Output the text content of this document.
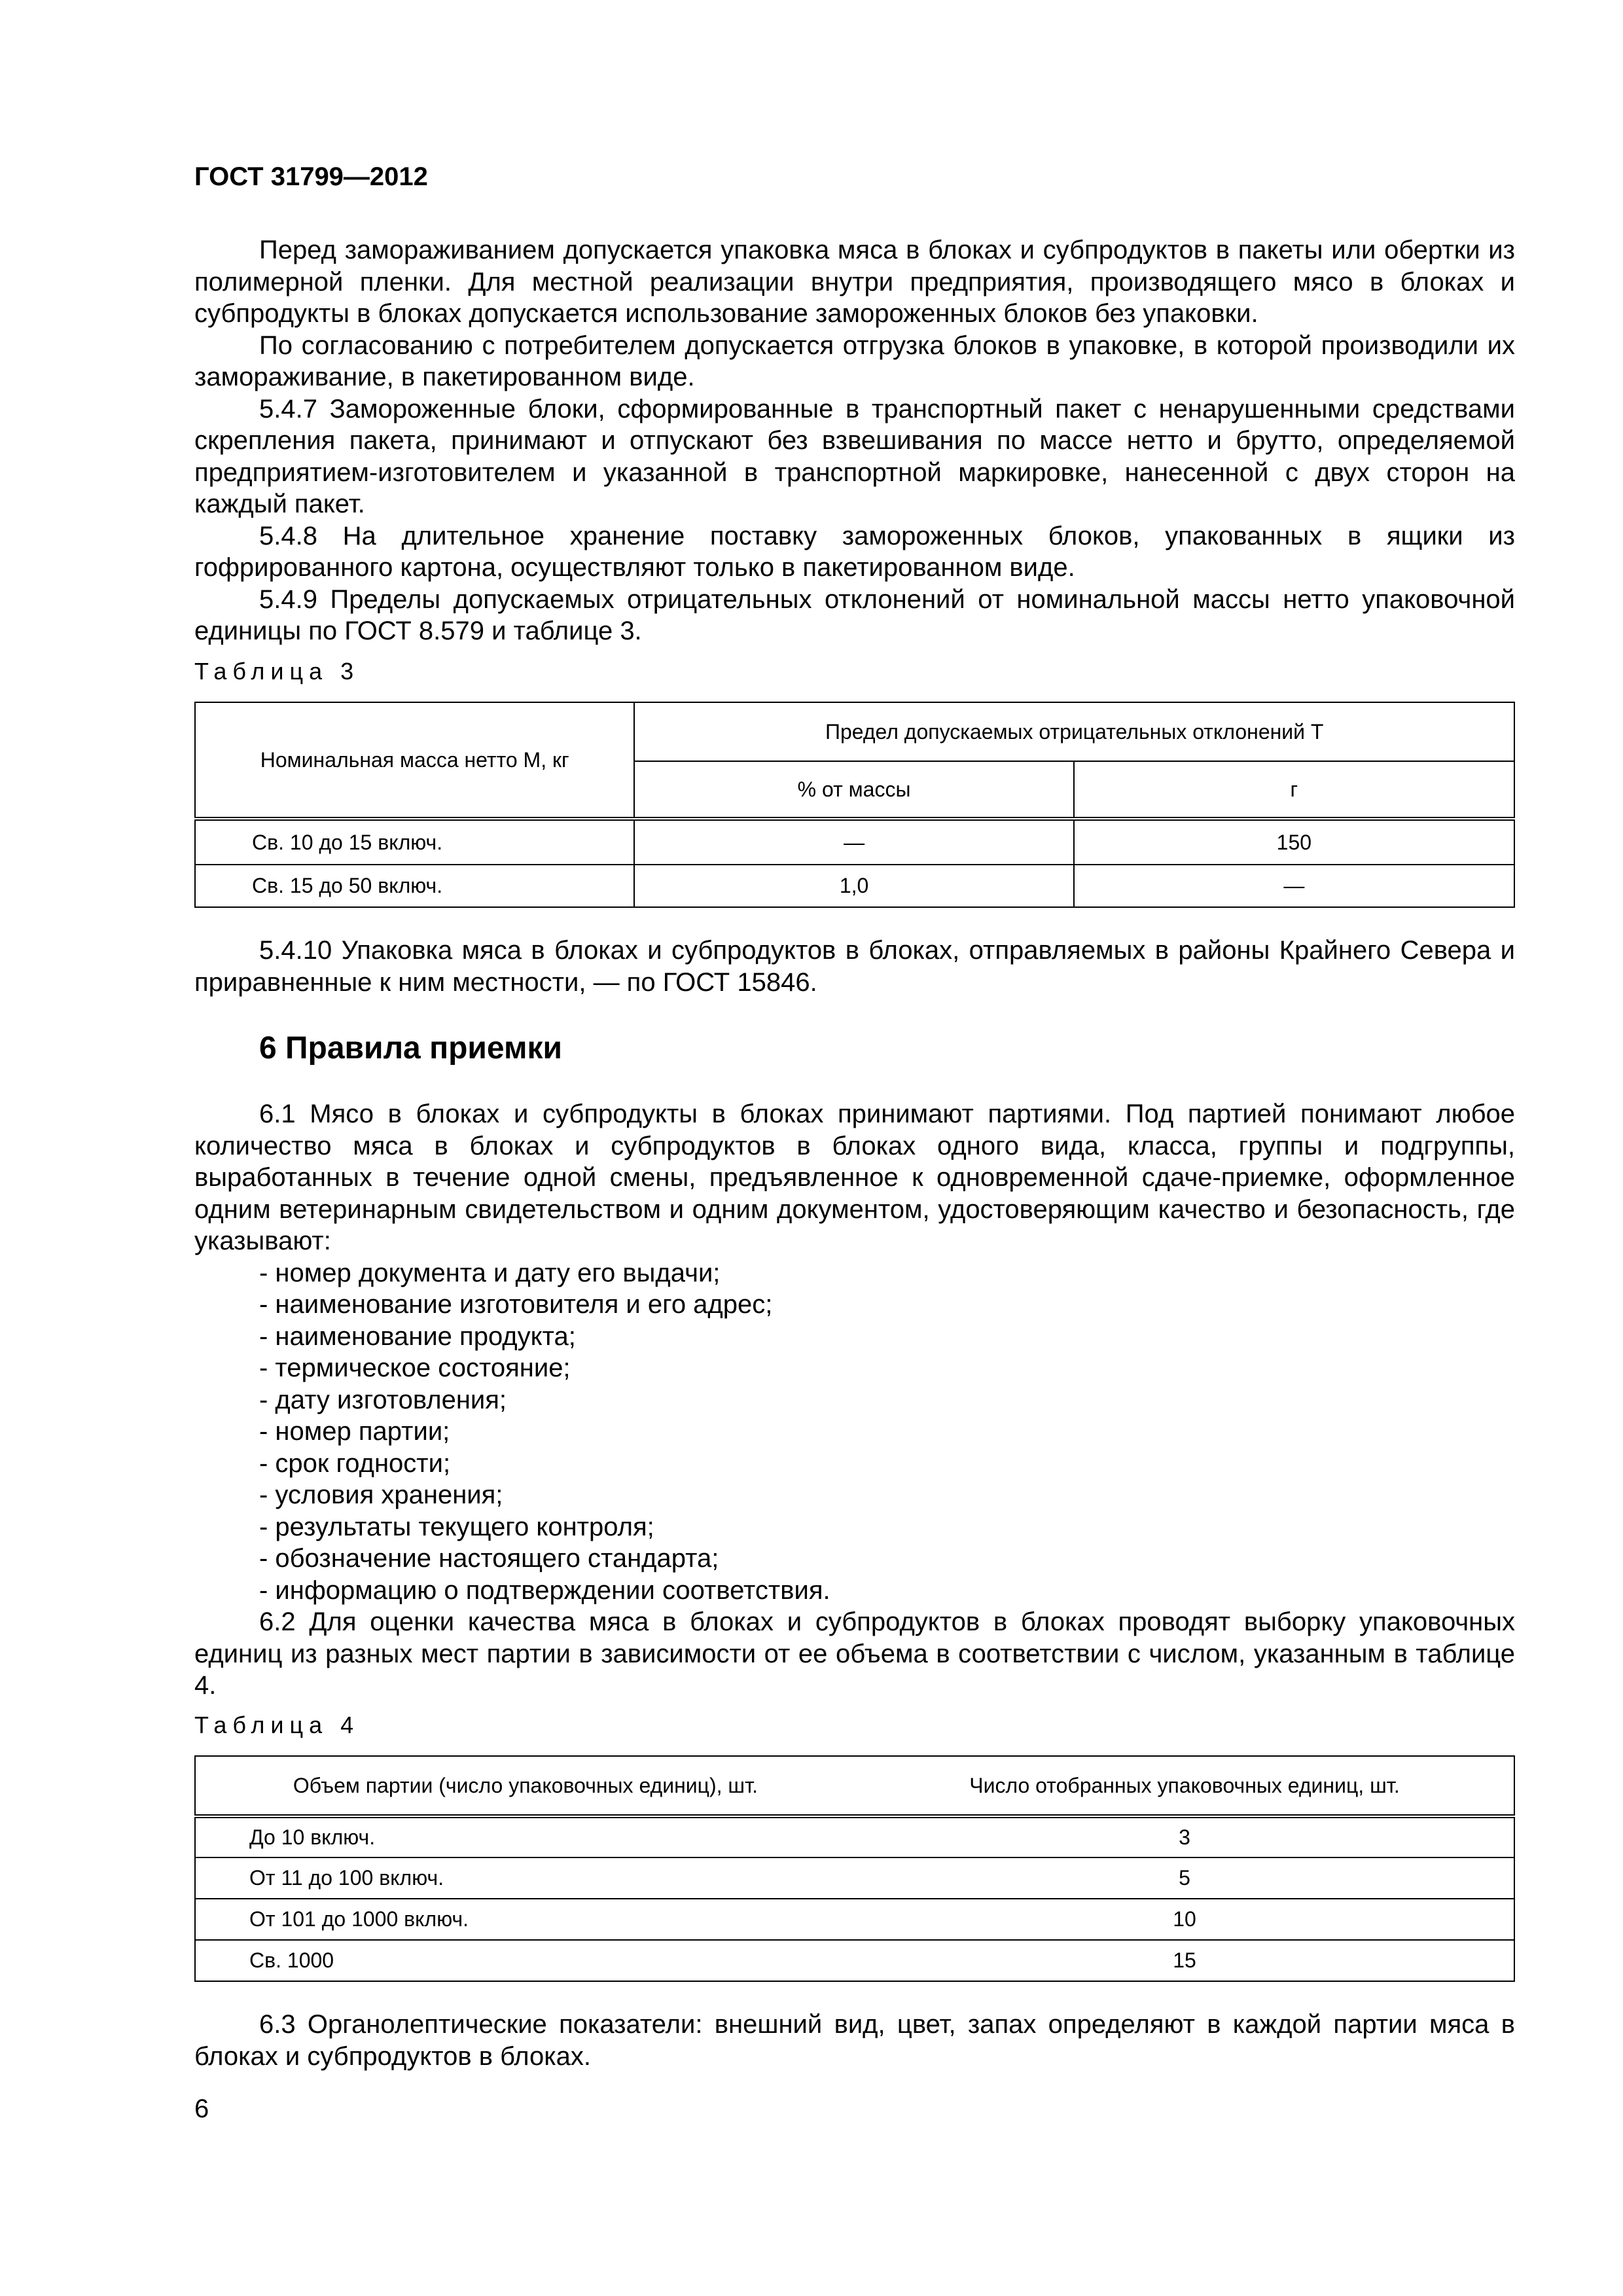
ГОСТ 31799—2012

Перед замораживанием допускается упаковка мяса в блоках и субпродуктов в пакеты или обертки из полимерной пленки. Для местной реализации внутри предприятия, производящего мясо в блоках и субпродукты в блоках допускается использование замороженных блоков без упаковки.

По согласованию с потребителем допускается отгрузка блоков в упаковке, в которой производили их замораживание, в пакетированном виде.

5.4.7 Замороженные блоки, сформированные в транспортный пакет с ненарушенными средствами скрепления пакета, принимают и отпускают без взвешивания по массе нетто и брутто, определяемой предприятием-изготовителем и указанной в транспортной маркировке, нанесенной с двух сторон на каждый пакет.

5.4.8 На длительное хранение поставку замороженных блоков, упакованных в ящики из гофрированного картона, осуществляют только в пакетированном виде.

5.4.9 Пределы допускаемых отрицательных отклонений от номинальной массы нетто упаковочной единицы по ГОСТ 8.579 и таблице 3.

Таблица 3
Номинальная масса нетто М, кг	Предел допускаемых отрицательных отклонений Т	
	% от массы	г
Св. 10 до 15 включ.	—	150
Св. 15 до 50 включ.	1,0	—

5.4.10 Упаковка мяса в блоках и субпродуктов в блоках, отправляемых в районы Крайнего Севера и приравненные к ним местности, — по ГОСТ 15846.

6 Правила приемки

6.1 Мясо в блоках и субпродукты в блоках принимают партиями. Под партией понимают любое количество мяса в блоках и субпродуктов в блоках одного вида, класса, группы и подгруппы, выработанных в течение одной смены, предъявленное к одновременной сдаче-приемке, оформленное одним ветеринарным свидетельством и одним документом, удостоверяющим качество и безопасность, где указывают:

- номер документа и дату его выдачи;
- наименование изготовителя и его адрес;
- наименование продукта;
- термическое состояние;
- дату изготовления;
- номер партии;
- срок годности;
- условия хранения;
- результаты текущего контроля;
- обозначение настоящего стандарта;
- информацию о подтверждении соответствия.

6.2 Для оценки качества мяса в блоках и субпродуктов в блоках проводят выборку упаковочных единиц из разных мест партии в зависимости от ее объема в соответствии с числом, указанным в таблице 4.

Таблица 4
Объем партии (число упаковочных единиц), шт.	Число отобранных упаковочных единиц, шт.
До 10 включ.	3
От 11 до 100 включ.	5
От 101 до 1000 включ.	10
Св. 1000	15

6.3 Органолептические показатели: внешний вид, цвет, запах определяют в каждой партии мяса в блоках и субпродуктов в блоках.

6
